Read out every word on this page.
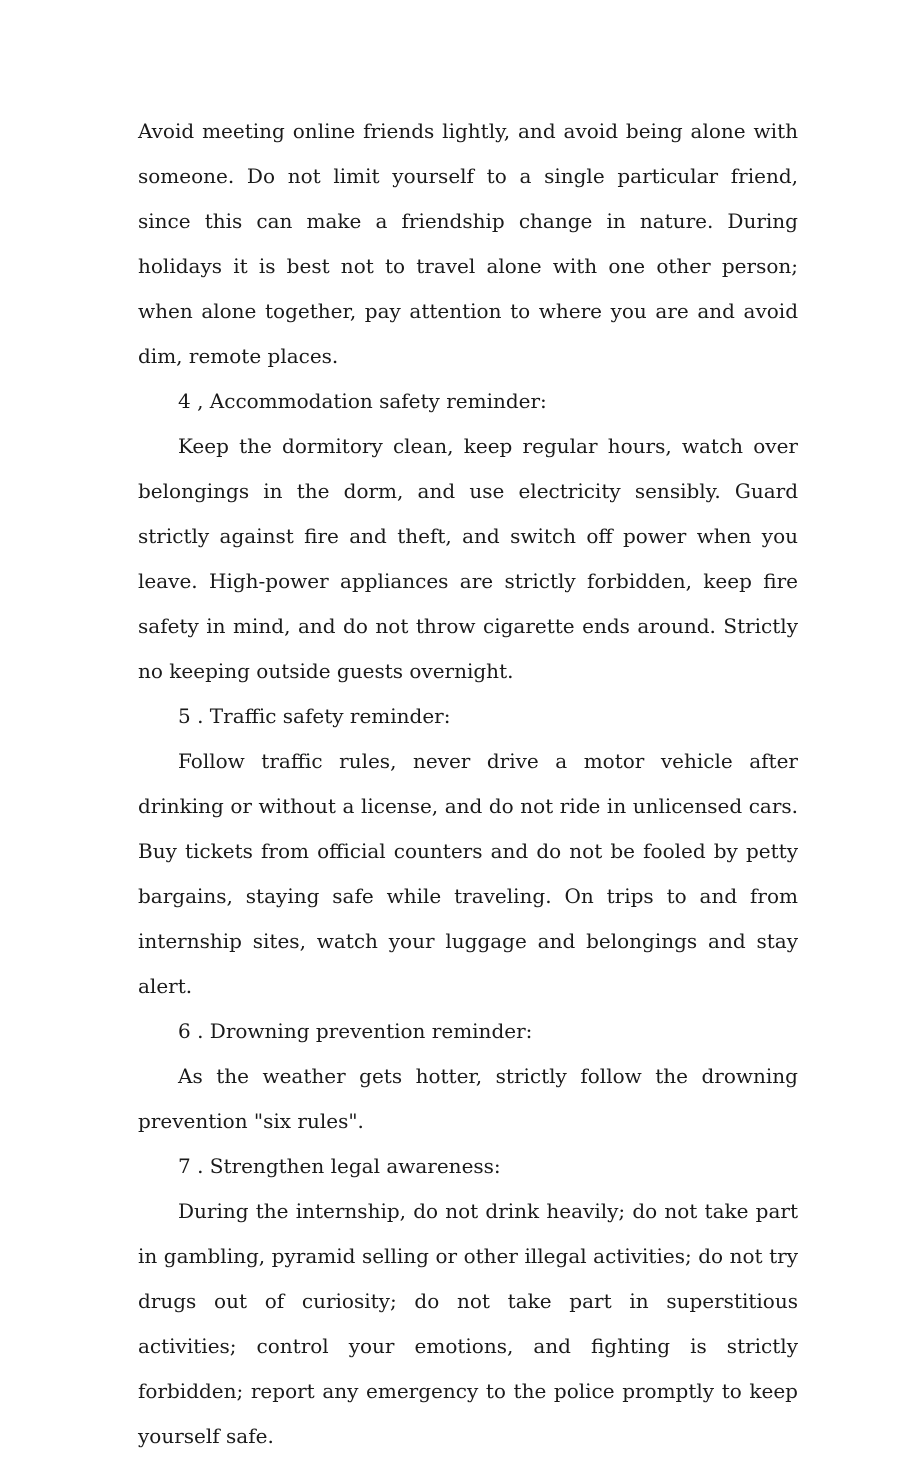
Avoid meeting online friends lightly, and avoid being alone with someone. Do not limit yourself to a single particular friend, since this can make a friendship change in nature. During holidays it is best not to travel alone with one other person; when alone together, pay attention to where you are and avoid dim, remote places.

4 , Accommodation safety reminder:

Keep the dormitory clean, keep regular hours, watch over belongings in the dorm, and use electricity sensibly. Guard strictly against fire and theft, and switch off power when you leave. High-power appliances are strictly forbidden, keep fire safety in mind, and do not throw cigarette ends around. Strictly no keeping outside guests overnight.

5 . Traffic safety reminder:

Follow traffic rules, never drive a motor vehicle after drinking or without a license, and do not ride in unlicensed cars. Buy tickets from official counters and do not be fooled by petty bargains, staying safe while traveling. On trips to and from internship sites, watch your luggage and belongings and stay alert.

6 . Drowning prevention reminder:

As the weather gets hotter, strictly follow the drowning prevention "six rules".

7 . Strengthen legal awareness:

During the internship, do not drink heavily; do not take part in gambling, pyramid selling or other illegal activities; do not try drugs out of curiosity; do not take part in superstitious activities; control your emotions, and fighting is strictly forbidden; report any emergency to the police promptly to keep yourself safe.
